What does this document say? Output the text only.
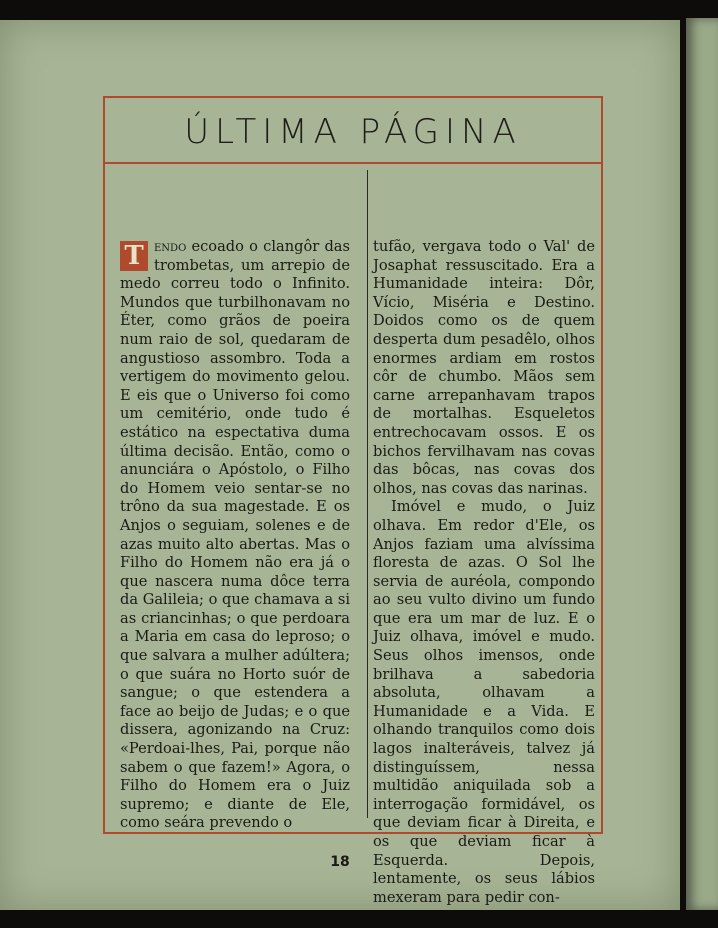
ÚLTIMA PÁGINA

T endo ecoado o clangôr das trombetas, um arrepio de medo correu todo o Infinito. Mundos que turbilhonavam no Éter, como grãos de poeira num raio de sol, quedaram de angustioso assombro. Toda a vertigem do movimento gelou. E eis que o Universo foi como um cemitério, onde tudo é estático na espectativa duma última decisão. Então, como o anunciára o Apóstolo, o Filho do Homem veio sentar-se no trôno da sua magestade. E os Anjos o seguiam, solenes e de azas muito alto abertas. Mas o Filho do Homem não era já o que nascera numa dôce terra da Galileia; o que chamava a si as criancinhas; o que perdoara a Maria em casa do leproso; o que salvara a mulher adúltera; o que suára no Horto suór de sangue; o que estendera a face ao beijo de Judas; e o que dissera, agonizando na Cruz: «Perdoai-lhes, Pai, porque não sabem o que fazem!» Agora, o Filho do Homem era o Juiz supremo; e diante de Ele, como seára prevendo o

tufão, vergava todo o Val' de Josaphat ressuscitado. Era a Humanidade inteira: Dôr, Vício, Miséria e Destino. Doidos como os de quem desperta dum pesadêlo, olhos enormes ardiam em rostos côr de chumbo. Mãos sem carne arrepanhavam trapos de mortalhas. Esqueletos entrechocavam ossos. E os bichos fervilhavam nas covas das bôcas, nas covas dos olhos, nas covas das narinas.

Imóvel e mudo, o Juiz olhava. Em redor d'Ele, os Anjos faziam uma alvíssima floresta de azas. O Sol lhe servia de auréola, compondo ao seu vulto divino um fundo que era um mar de luz. E o Juiz olhava, imóvel e mudo. Seus olhos imensos, onde brilhava a sabedoria absoluta, olhavam a Humanidade e a Vida. E olhando tranquilos como dois lagos inalteráveis, talvez já distinguíssem, nessa multidão aniquilada sob a interrogação formidável, os que deviam ficar à Direita, e os que deviam ficar à Esquerda. Depois, lentamente, os seus lábios mexeram para pedir con-

18
